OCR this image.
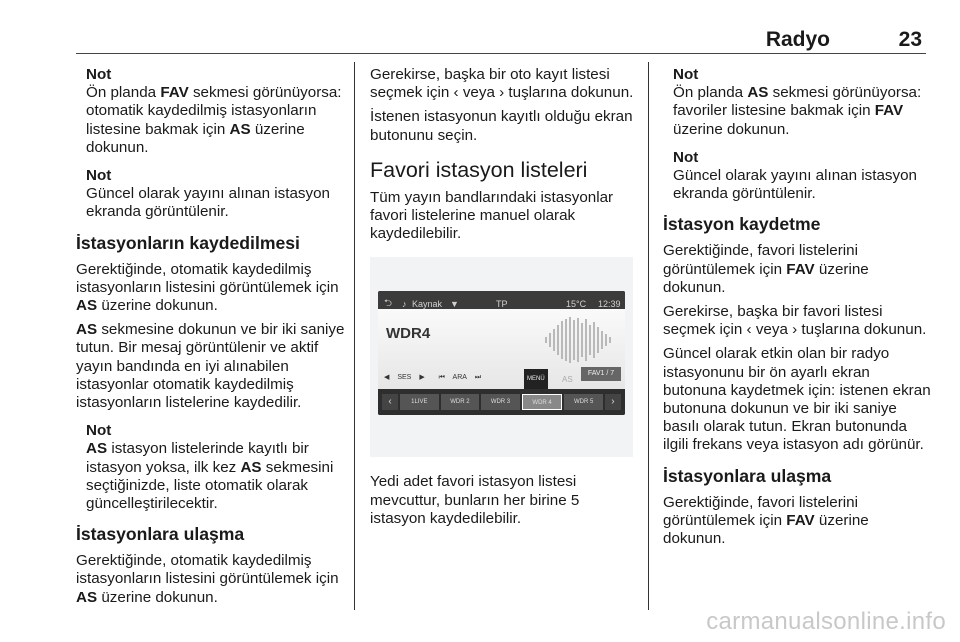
Radyo	23
Not
Ön planda FAV sekmesi görünüyorsa: otomatik kaydedilmiş istasyonların listesine bakmak için AS üzerine dokunun.
Not
Güncel olarak yayını alınan istasyon ekranda görüntülenir.
İstasyonların kaydedilmesi

Gerektiğinde, otomatik kaydedilmiş istasyonların listesini görüntülemek için AS üzerine dokunun.

AS sekmesine dokunun ve bir iki saniye tutun. Bir mesaj görüntülenir ve aktif yayın bandında en iyi alınabilen istasyonlar otomatik kaydedilmiş istasyonların listelerine kaydedilir.

Not
AS istasyon listelerinde kayıtlı bir istasyon yoksa, ilk kez AS sekmesini seçtiğinizde, liste otomatik olarak güncelleştirilecektir.
İstasyonlara ulaşma

Gerektiğinde, otomatik kaydedilmiş istasyonların listesini görüntülemek için AS üzerine dokunun.

Gerekirse, başka bir oto kayıt listesi seçmek için ‹ veya › tuşlarına dokunun.

İstenen istasyonun kayıtlı olduğu ekran butonunu seçin.

Favori istasyon listeleri

Tüm yayın bandlarındaki istasyonlar favori listelerine manuel olarak kaydedilebilir.

⮌ ♪ Kaynak ▼	TP	15°C 12:39
WDR4
◀ SES ▶ ⏮ ARA ⏭	MENÜ	AS
FAV1 / 7
‹	1LIVE	WDR 2	WDR 3	WDR 4	WDR 5	›

Yedi adet favori istasyon listesi mevcuttur, bunların her birine 5 istasyon kaydedilebilir.

Not
Ön planda AS sekmesi görünüyorsa: favoriler listesine bakmak için FAV üzerine dokunun.
Not
Güncel olarak yayını alınan istasyon ekranda görüntülenir.
İstasyon kaydetme

Gerektiğinde, favori listelerini görüntülemek için FAV üzerine dokunun.

Gerekirse, başka bir favori listesi seçmek için ‹ veya › tuşlarına dokunun.

Güncel olarak etkin olan bir radyo istasyonunu bir ön ayarlı ekran butonuna kaydetmek için: istenen ekran butonuna dokunun ve bir iki saniye basılı olarak tutun. Ekran butonunda ilgili frekans veya istasyon adı görünür.

İstasyonlara ulaşma

Gerektiğinde, favori listelerini görüntülemek için FAV üzerine dokunun.

carmanualsonline.info
